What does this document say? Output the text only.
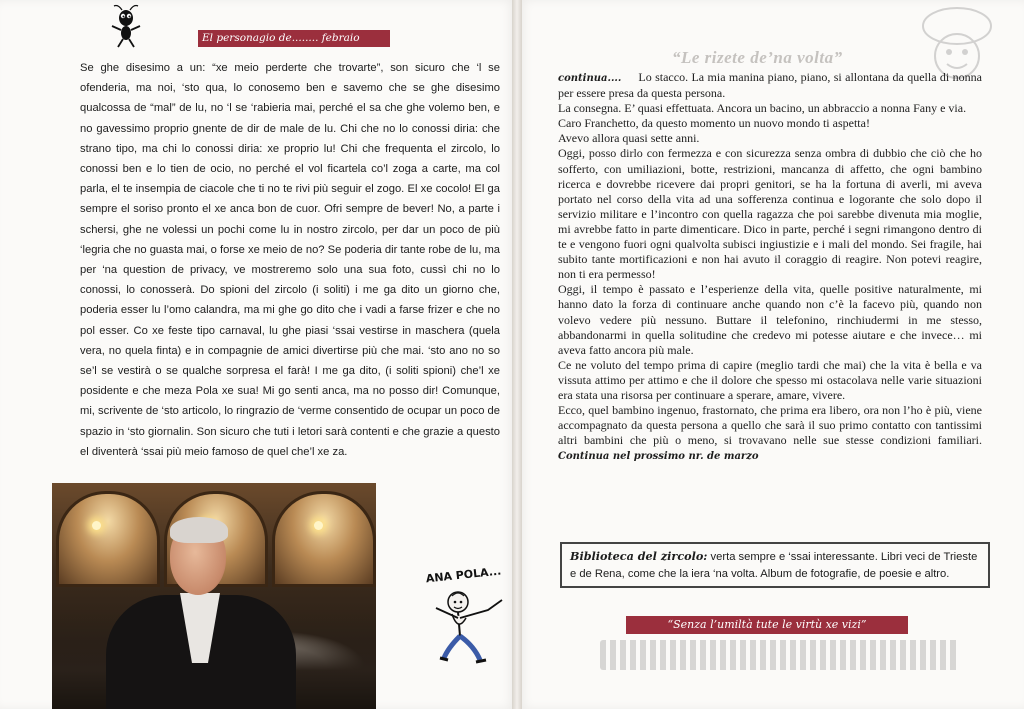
El personagio de........ febraio

Se ghe disesimo a un: “xe meio perderte che trovarte”, son sicuro che ‘l se ofenderia, ma noi, ‘sto qua, lo conosemo ben e savemo che se ghe disesimo qualcossa de “mal” de lu, no ‘l se ‘rabieria mai, perché el sa che ghe volemo ben, e no gavessimo proprio gnente de dir de male de lu. Chi che no lo conossi diria: che strano tipo, ma chi lo conossi diria: xe proprio lu! Chi che frequenta el zircolo, lo conossi ben e lo tien de ocio, no perché el vol ficartela co’l zoga a carte, ma col parla, el te insempia de ciacole che ti no te rivi più seguir el zogo. El xe cocolo! El ga sempre el soriso pronto el xe anca bon de cuor. Ofri sempre de bever! No, a parte i schersi, ghe ne volessi un pochi come lu in nostro zircolo, per dar un poco de più ‘legria che no guasta mai, o forse xe meio de no? Se poderia dir tante robe de lu, ma per ‘na question de privacy, ve mostreremo solo una sua foto, cussì chi no lo conossi, lo conosserà. Do spioni del zircolo (i soliti) i me ga dito un giorno che, poderia esser lu l’omo calandra, ma mi ghe go dito che i vadi a farse frizer e che no pol esser. Co xe feste tipo carnaval, lu ghe piasi ‘ssai vestirse in maschera (quela vera, no quela finta) e in compagnie de amici divertirse più che mai. ‘sto ano no so se’l se vestirà o se qualche sorpresa el farà! I me ga dito, (i soliti spioni) che’l xe posidente e che meza Pola xe sua! Mi go senti anca, ma no posso dir! Comunque, mi, scrivente de ‘sto articolo, lo ringrazio de ‘verme consentido de ocupar un poco de spazio in ‘sto giornalin. Son sicuro che tuti i letori sarà contenti e che grazie a questo el diventerà ‘ssai più meio famoso de quel che’l xe za.

ANA POLA...
“Le rizete de’na volta”

continua.... Lo stacco. La mia manina piano, piano, si allontana da quella di nonna per essere presa da questa persona.

La consegna. E’ quasi effettuata. Ancora un bacino, un abbraccio a nonna Fany e via.

Caro Franchetto, da questo momento un nuovo mondo ti aspetta!

Avevo allora quasi sette anni.

Oggi, posso dirlo con fermezza e con sicurezza senza ombra di dubbio che ciò che ho sofferto, con umiliazioni, botte, restrizioni, mancanza di affetto, che ogni bambino ricerca e dovrebbe ricevere dai propri genitori, se ha la fortuna di averli, mi aveva portato nel corso della vita ad una sofferenza continua e logorante che solo dopo il servizio militare e l’incontro con quella ragazza che poi sarebbe divenuta mia moglie, mi avrebbe fatto in parte dimenticare. Dico in parte, perché i segni rimangono dentro di te e vengono fuori ogni qualvolta subisci ingiustizie e i mali del mondo. Sei fragile, hai subito tante mortificazioni e non hai avuto il coraggio di reagire. Non potevi reagire, non ti era permesso!

Oggi, il tempo è passato e l’esperienze della vita, quelle positive naturalmente, mi hanno dato la forza di continuare anche quando non c’è la facevo più, quando non volevo vedere più nessuno. Buttare il telefonino, rinchiudermi in me stesso, abbandonarmi in quella solitudine che credevo mi potesse aiutare e che invece… mi aveva fatto ancora più male.

Ce ne voluto del tempo prima di capire (meglio tardi che mai) che la vita è bella e va vissuta attimo per attimo e che il dolore che spesso mi ostacolava nelle varie situazioni era stata una risorsa per continuare a sperare, amare, vivere.

Ecco, quel bambino ingenuo, frastornato, che prima era libero, ora non l’ho è più, viene accompagnato da questa persona a quello che sarà il suo primo contatto con tantissimi altri bambini che più o meno, si trovavano nelle sue stesse condizioni familiari. Continua nel prossimo nr. de marzo

Biblioteca del zircolo: verta sempre e ‘ssai interessante. Libri veci de Trieste e de Rena, come che la iera ‘na volta. Album de fotografie, de poesie e altro.
“Senza l’umiltà tute le virtù xe vizi”
